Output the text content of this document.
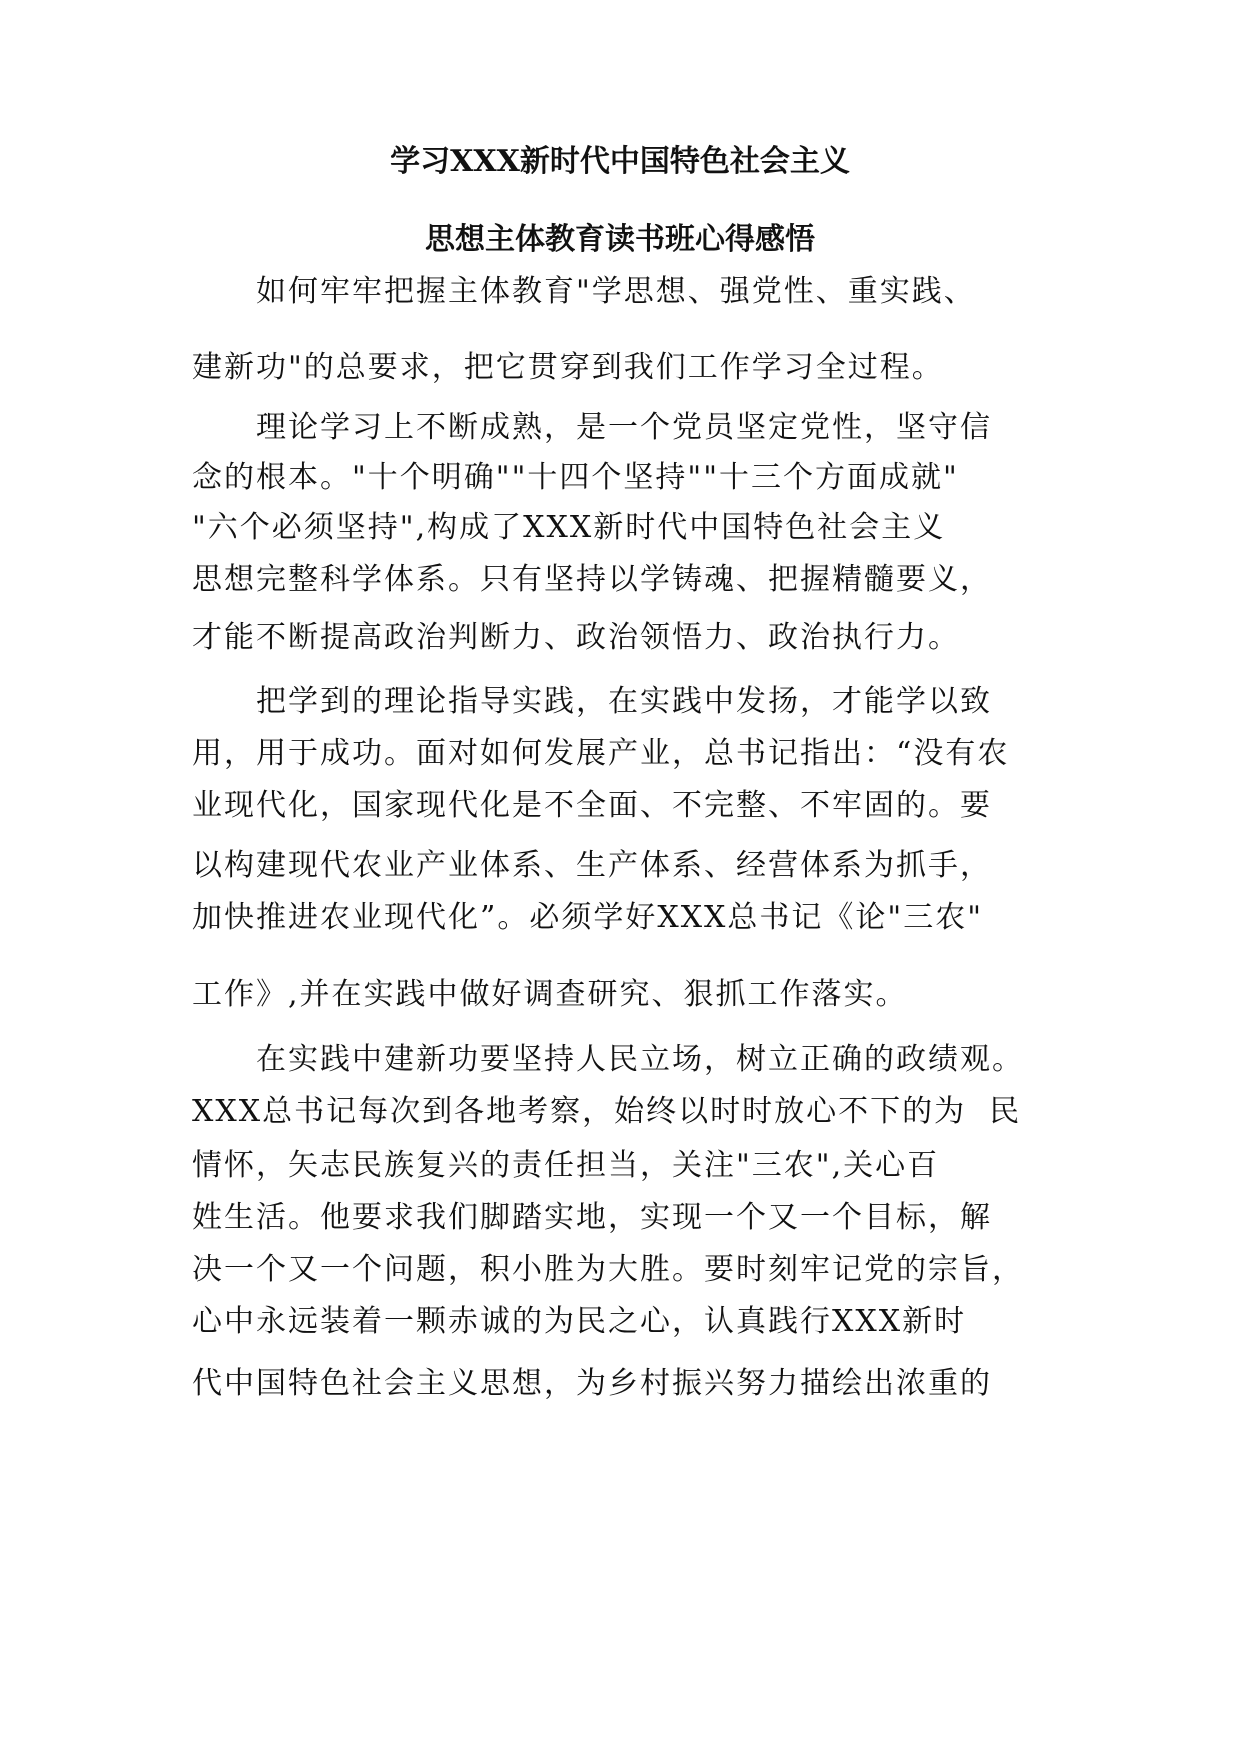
学习XXX新时代中国特色社会主义
思想主体教育读书班心得感悟
如何牢牢把握主体教育"学思想、强党性、重实践、
建新功"的总要求，把它贯穿到我们工作学习全过程。
理论学习上不断成熟，是一个党员坚定党性，坚守信
念的根本。"十个明确""十四个坚持""十三个方面成就"
"六个必须坚持",构成了XXX新时代中国特色社会主义
思想完整科学体系。只有坚持以学铸魂、把握精髓要义，
才能不断提高政治判断力、政治领悟力、政治执行力。
把学到的理论指导实践，在实践中发扬，才能学以致
用，用于成功。面对如何发展产业，总书记指出：“没有农
业现代化，国家现代化是不全面、不完整、不牢固的。要
以构建现代农业产业体系、生产体系、经营体系为抓手，
加快推进农业现代化”。必须学好XXX总书记《论"三农"
工作》,并在实践中做好调查研究、狠抓工作落实。
在实践中建新功要坚持人民立场，树立正确的政绩观。
XXX总书记每次到各地考察，始终以时时放心不下的为  民
情怀，矢志民族复兴的责任担当，关注"三农",关心百
姓生活。他要求我们脚踏实地，实现一个又一个目标，解
决一个又一个问题，积小胜为大胜。要时刻牢记党的宗旨，
心中永远装着一颗赤诚的为民之心，认真践行XXX新时
代中国特色社会主义思想，为乡村振兴努力描绘出浓重的
